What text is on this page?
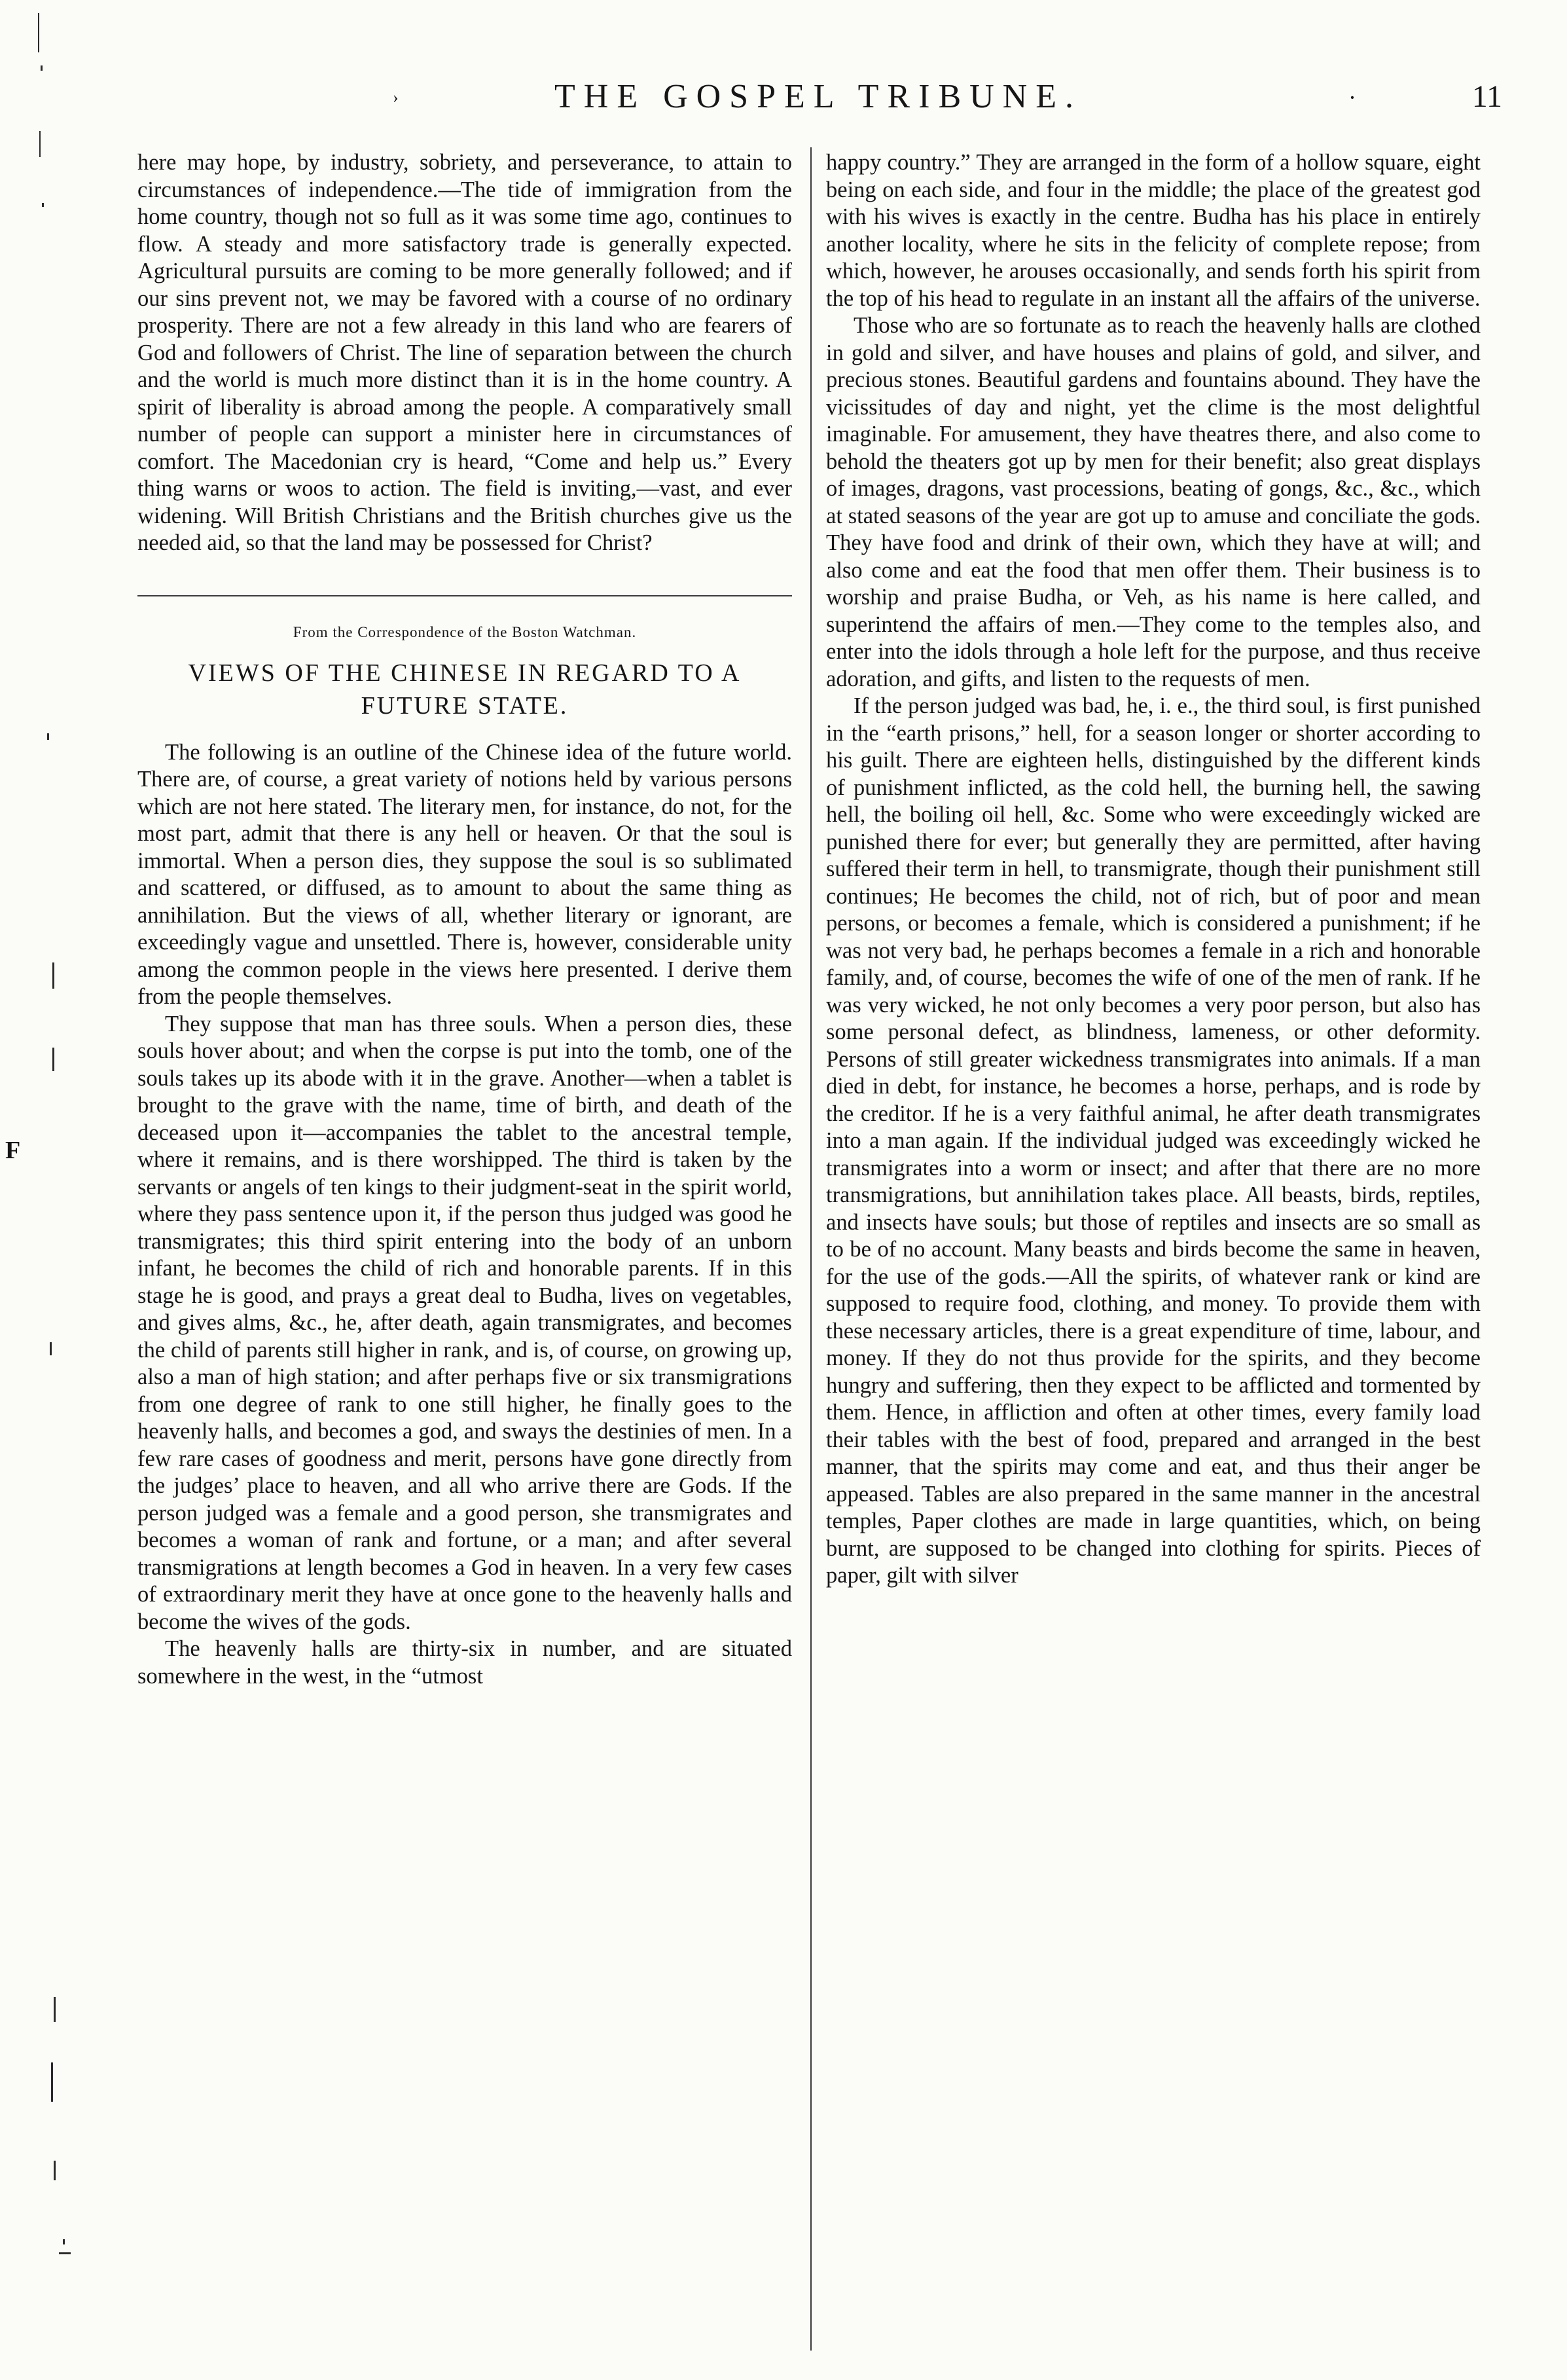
F
›	THE GOSPEL TRIBUNE.	·	11

here may hope, by industry, sobriety, and perseverance, to attain to circumstances of independence.—The tide of immigration from the home country, though not so full as it was some time ago, continues to flow. A steady and more satisfactory trade is generally expected. Agricultural pursuits are coming to be more generally followed; and if our sins prevent not, we may be favored with a course of no ordinary prosperity. There are not a few already in this land who are fearers of God and followers of Christ. The line of separation between the church and the world is much more distinct than it is in the home country. A spirit of liberality is abroad among the people. A comparatively small number of people can support a minister here in circumstances of comfort. The Macedonian cry is heard, “Come and help us.” Every thing warns or woos to action. The field is inviting,—vast, and ever widening. Will British Christians and the British churches give us the needed aid, so that the land may be possessed for Christ?

From the Correspondence of the Boston Watchman.
VIEWS OF THE CHINESE IN REGARD TO A FUTURE STATE.

The following is an outline of the Chinese idea of the future world. There are, of course, a great variety of notions held by various persons which are not here stated. The literary men, for instance, do not, for the most part, admit that there is any hell or heaven. Or that the soul is immortal. When a person dies, they suppose the soul is so sublimated and scattered, or diffused, as to amount to about the same thing as annihilation. But the views of all, whether literary or ignorant, are exceedingly vague and unsettled. There is, however, considerable unity among the common people in the views here presented. I derive them from the people themselves.

They suppose that man has three souls. When a person dies, these souls hover about; and when the corpse is put into the tomb, one of the souls takes up its abode with it in the grave. Another—when a tablet is brought to the grave with the name, time of birth, and death of the deceased upon it—accompanies the tablet to the ancestral temple, where it remains, and is there worshipped. The third is taken by the servants or angels of ten kings to their judgment-seat in the spirit world, where they pass sentence upon it, if the person thus judged was good he transmigrates; this third spirit entering into the body of an unborn infant, he becomes the child of rich and honorable parents. If in this stage he is good, and prays a great deal to Budha, lives on vegetables, and gives alms, &c., he, after death, again transmigrates, and becomes the child of parents still higher in rank, and is, of course, on growing up, also a man of high station; and after perhaps five or six transmigrations from one degree of rank to one still higher, he finally goes to the heavenly halls, and becomes a god, and sways the destinies of men. In a few rare cases of goodness and merit, persons have gone directly from the judges’ place to heaven, and all who arrive there are Gods. If the person judged was a female and a good person, she transmigrates and becomes a woman of rank and fortune, or a man; and after several transmigrations at length becomes a God in heaven. In a very few cases of extraordinary merit they have at once gone to the heavenly halls and become the wives of the gods.

The heavenly halls are thirty-six in number, and are situated somewhere in the west, in the “utmost

happy country.” They are arranged in the form of a hollow square, eight being on each side, and four in the middle; the place of the greatest god with his wives is exactly in the centre. Budha has his place in entirely another locality, where he sits in the felicity of complete repose; from which, however, he arouses occasionally, and sends forth his spirit from the top of his head to regulate in an instant all the affairs of the universe.

Those who are so fortunate as to reach the heavenly halls are clothed in gold and silver, and have houses and plains of gold, and silver, and precious stones. Beautiful gardens and fountains abound. They have the vicissitudes of day and night, yet the clime is the most delightful imaginable. For amusement, they have theatres there, and also come to behold the theaters got up by men for their benefit; also great displays of images, dragons, vast processions, beating of gongs, &c., &c., which at stated seasons of the year are got up to amuse and conciliate the gods. They have food and drink of their own, which they have at will; and also come and eat the food that men offer them. Their business is to worship and praise Budha, or Veh, as his name is here called, and superintend the affairs of men.—They come to the temples also, and enter into the idols through a hole left for the purpose, and thus receive adoration, and gifts, and listen to the requests of men.

If the person judged was bad, he, i. e., the third soul, is first punished in the “earth prisons,” hell, for a season longer or shorter according to his guilt. There are eighteen hells, distinguished by the different kinds of punishment inflicted, as the cold hell, the burning hell, the sawing hell, the boiling oil hell, &c. Some who were exceedingly wicked are punished there for ever; but generally they are permitted, after having suffered their term in hell, to transmigrate, though their punishment still continues; He becomes the child, not of rich, but of poor and mean persons, or becomes a female, which is considered a punishment; if he was not very bad, he perhaps becomes a female in a rich and honorable family, and, of course, becomes the wife of one of the men of rank. If he was very wicked, he not only becomes a very poor person, but also has some personal defect, as blindness, lameness, or other deformity. Persons of still greater wickedness transmigrates into animals. If a man died in debt, for instance, he becomes a horse, perhaps, and is rode by the creditor. If he is a very faithful animal, he after death transmigrates into a man again. If the individual judged was exceedingly wicked he transmigrates into a worm or insect; and after that there are no more transmigrations, but annihilation takes place. All beasts, birds, reptiles, and insects have souls; but those of reptiles and insects are so small as to be of no account. Many beasts and birds become the same in heaven, for the use of the gods.—All the spirits, of whatever rank or kind are supposed to require food, clothing, and money. To provide them with these necessary articles, there is a great expenditure of time, labour, and money. If they do not thus provide for the spirits, and they become hungry and suffering, then they expect to be afflicted and tormented by them. Hence, in affliction and often at other times, every family load their tables with the best of food, prepared and arranged in the best manner, that the spirits may come and eat, and thus their anger be appeased. Tables are also prepared in the same manner in the ancestral temples, Paper clothes are made in large quantities, which, on being burnt, are supposed to be changed into clothing for spirits. Pieces of paper, gilt with silver
